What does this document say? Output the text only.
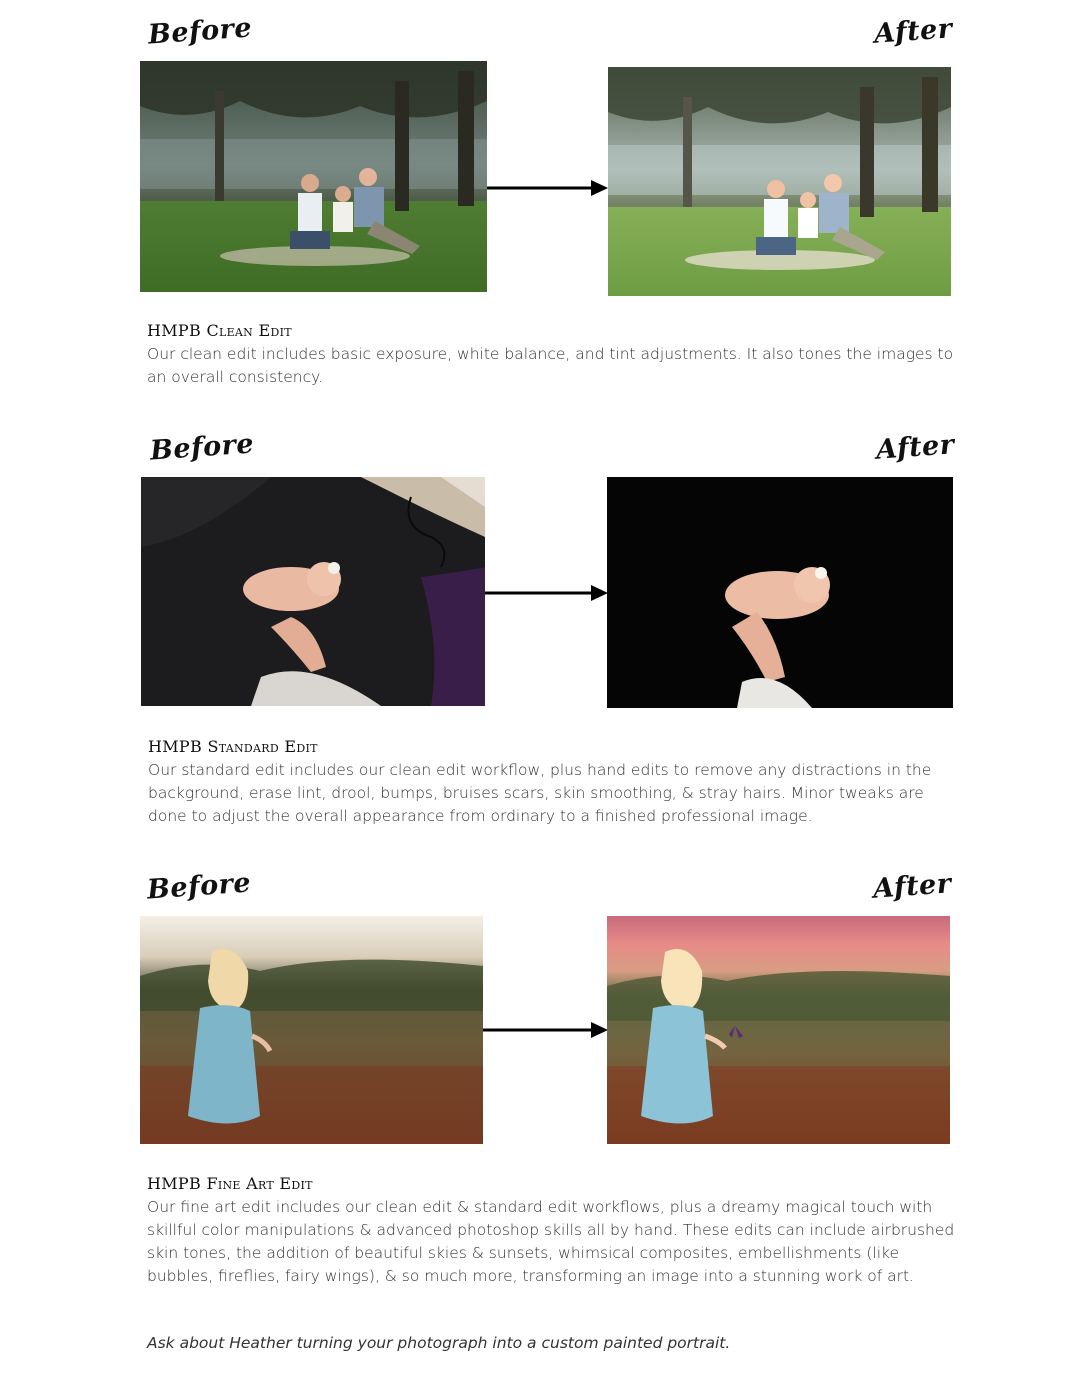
Before	After
HMPB Clean Edit
Our clean edit includes basic exposure, white balance, and tint adjustments. It also tones the images to an overall consistency.
Before	After
HMPB Standard Edit
Our standard edit includes our clean edit workflow, plus hand edits to remove any distractions in the background, erase lint, drool, bumps, bruises scars, skin smoothing, & stray hairs. Minor tweaks are done to adjust the overall appearance from ordinary to a finished professional image.
Before	After
HMPB Fine Art Edit
Our fine art edit includes our clean edit & standard edit workflows, plus a dreamy magical touch with skillful color manipulations & advanced photoshop skills all by hand. These edits can include airbrushed skin tones, the addition of beautiful skies & sunsets, whimsical composites, embellishments (like bubbles, fireflies, fairy wings), & so much more, transforming an image into a stunning work of art.
Ask about Heather turning your photograph into a custom painted portrait.
